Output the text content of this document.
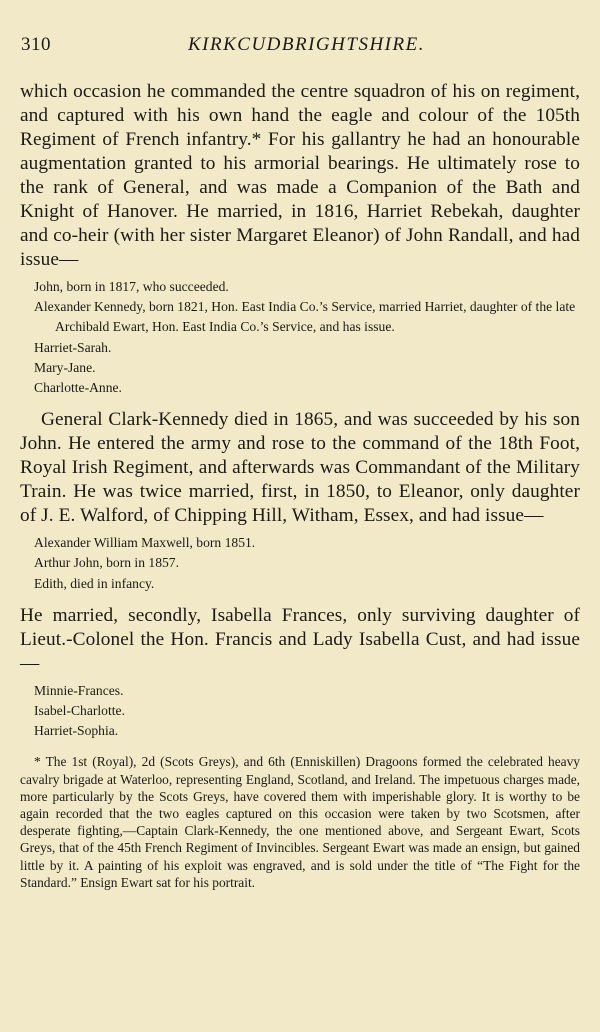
310	KIRKCUDBRIGHTSHIRE.

which occasion he commanded the centre squadron of his on regiment, and captured with his own hand the eagle and colour of the 105th Regiment of French infantry.* For his gallantry he had an honourable augmentation granted to his armorial bearings. He ultimately rose to the rank of General, and was made a Companion of the Bath and Knight of Hanover. He married, in 1816, Harriet Rebekah, daughter and co-heir (with her sister Margaret Eleanor) of John Randall, and had issue—

John, born in 1817, who succeeded.
Alexander Kennedy, born 1821, Hon. East India Co.’s Service, married Harriet, daughter of the late Archibald Ewart, Hon. East India Co.’s Service, and has issue.
Harriet-Sarah.
Mary-Jane.
Charlotte-Anne.

General Clark-Kennedy died in 1865, and was succeeded by his son John. He entered the army and rose to the command of the 18th Foot, Royal Irish Regiment, and afterwards was Commandant of the Military Train. He was twice married, first, in 1850, to Eleanor, only daughter of J. E. Walford, of Chipping Hill, Witham, Essex, and had issue—

Alexander William Maxwell, born 1851.
Arthur John, born in 1857.
Edith, died in infancy.

He married, secondly, Isabella Frances, only surviving daughter of Lieut.-Colonel the Hon. Francis and Lady Isabella Cust, and had issue—

Minnie-Frances.
Isabel-Charlotte.
Harriet-Sophia.

* The 1st (Royal), 2d (Scots Greys), and 6th (Enniskillen) Dragoons formed the celebrated heavy cavalry brigade at Waterloo, representing England, Scotland, and Ireland. The impetuous charges made, more particularly by the Scots Greys, have covered them with imperishable glory. It is worthy to be again recorded that the two eagles captured on this occasion were taken by two Scotsmen, after desperate fighting,—Captain Clark-Kennedy, the one mentioned above, and Sergeant Ewart, Scots Greys, that of the 45th French Regiment of Invincibles. Sergeant Ewart was made an ensign, but gained little by it. A painting of his exploit was engraved, and is sold under the title of “The Fight for the Standard.” Ensign Ewart sat for his portrait.
